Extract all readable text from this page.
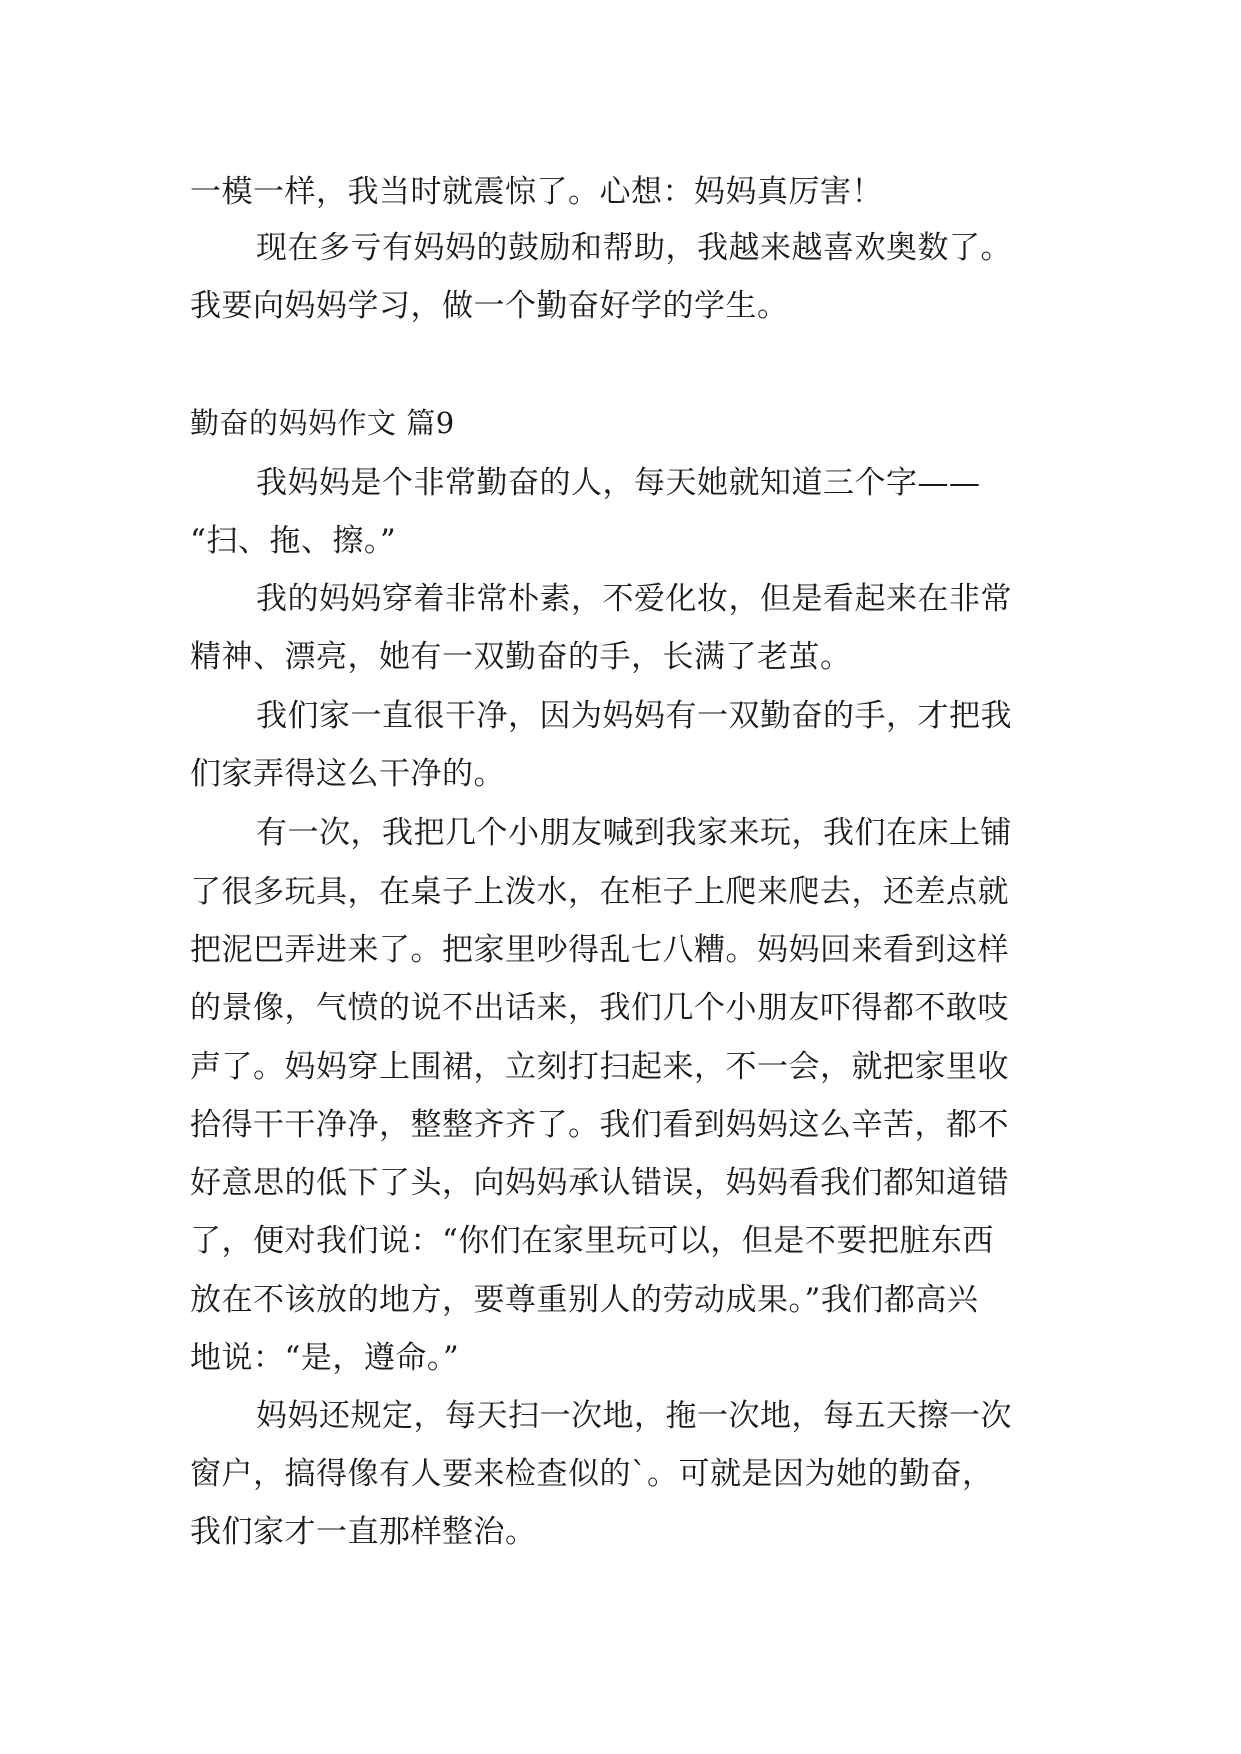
一模一样，我当时就震惊了。心想：妈妈真厉害！
现在多亏有妈妈的鼓励和帮助，我越来越喜欢奥数了。
我要向妈妈学习，做一个勤奋好学的学生。
勤奋的妈妈作文 篇9
我妈妈是个非常勤奋的人，每天她就知道三个字——
“扫、拖、擦。”
我的妈妈穿着非常朴素，不爱化妆，但是看起来在非常
精神、漂亮，她有一双勤奋的手，长满了老茧。
我们家一直很干净，因为妈妈有一双勤奋的手，才把我
们家弄得这么干净的。
有一次，我把几个小朋友喊到我家来玩，我们在床上铺
了很多玩具，在桌子上泼水，在柜子上爬来爬去，还差点就
把泥巴弄进来了。把家里吵得乱七八糟。妈妈回来看到这样
的景像，气愤的说不出话来，我们几个小朋友吓得都不敢吱
声了。妈妈穿上围裙，立刻打扫起来，不一会，就把家里收
拾得干干净净，整整齐齐了。我们看到妈妈这么辛苦，都不
好意思的低下了头，向妈妈承认错误，妈妈看我们都知道错
了，便对我们说：“你们在家里玩可以，但是不要把脏东西
放在不该放的地方，要尊重别人的劳动成果。”我们都高兴
地说：“是，遵命。”
妈妈还规定，每天扫一次地，拖一次地，每五天擦一次
窗户，搞得像有人要来检查似的`。可就是因为她的勤奋，
我们家才一直那样整治。
